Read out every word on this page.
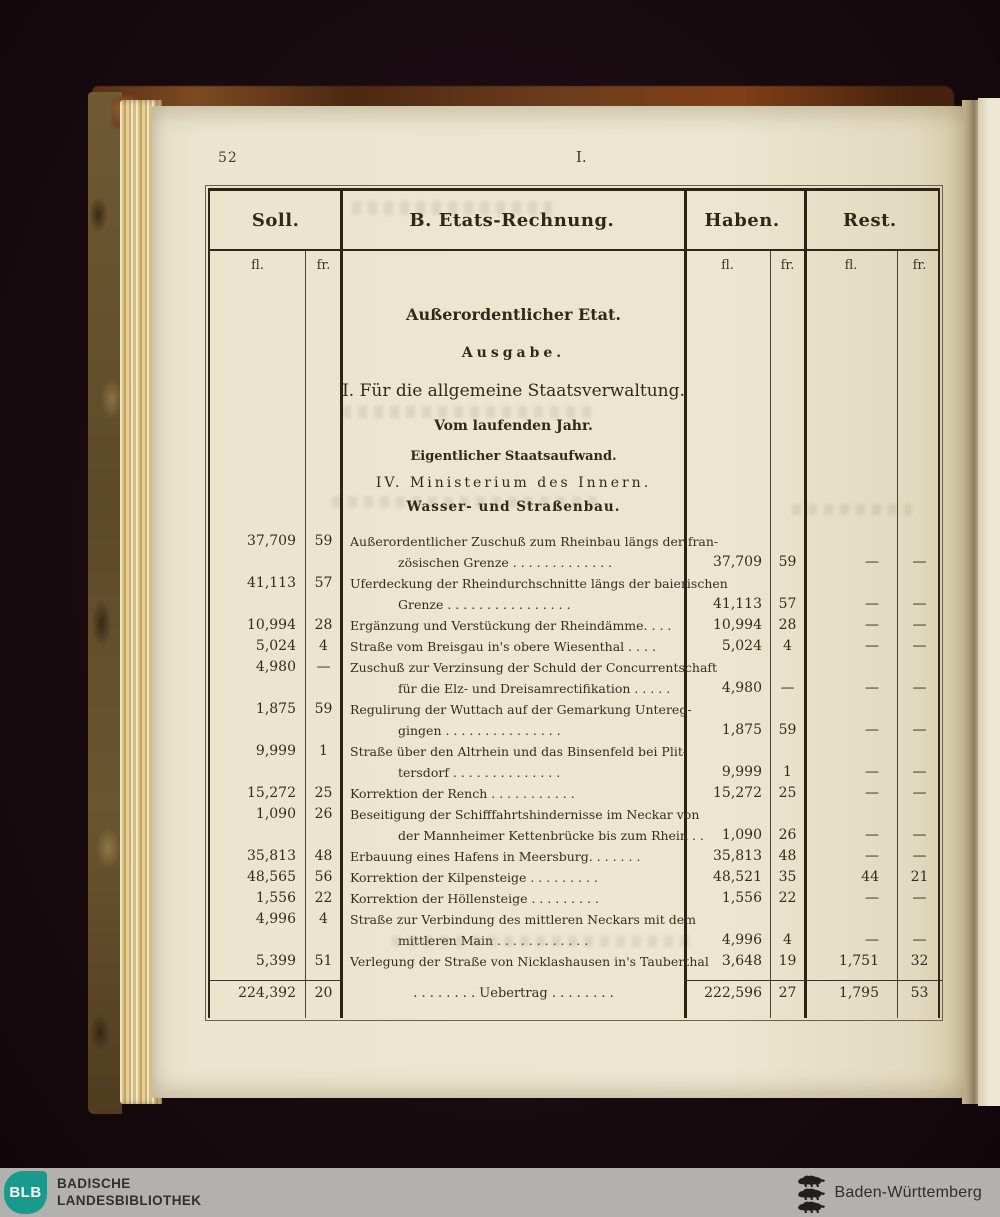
52	I.
Soll.	B. Etats-Rechnung.	Haben.	Rest.
fl.	fr.	fl.	fr.	fl.	fr.
Außerordentlicher Etat.
Ausgabe.
I. Für die allgemeine Staatsverwaltung.
Vom laufenden Jahr.
Eigentlicher Staatsaufwand.
IV. Ministerium des Innern.
Wasser- und Straßenbau.
37,709	59	Außerordentlicher Zuschuß zum Rheinbau längs der fran-
zösischen Grenze . . . . . . . . . . . . .	37,709	59	—	—
41,113	57	Uferdeckung der Rheindurchschnitte längs der baierischen
Grenze . . . . . . . . . . . . . . . .	41,113	57	—	—
10,994	28	Ergänzung und Verstückung der Rheindämme. . . .	10,994	28	—	—
5,024	4	Straße vom Breisgau in's obere Wiesenthal . . . .	5,024	4	—	—
4,980	—	Zuschuß zur Verzinsung der Schuld der Concurrentschaft
für die Elz- und Dreisamrectifikation . . . . .	4,980	—	—	—
1,875	59	Regulirung der Wuttach auf der Gemarkung Untereg-
gingen . . . . . . . . . . . . . . .	1,875	59	—	—
9,999	1	Straße über den Altrhein und das Binsenfeld bei Plit-
tersdorf . . . . . . . . . . . . . .	9,999	1	—	—
15,272	25	Korrektion der Rench . . . . . . . . . . .	15,272	25	—	—
1,090	26	Beseitigung der Schifffahrtshindernisse im Neckar von
der Mannheimer Kettenbrücke bis zum Rhein . .	1,090	26	—	—
35,813	48	Erbauung eines Hafens in Meersburg. . . . . . .	35,813	48	—	—
48,565	56	Korrektion der Kilpensteige . . . . . . . . .	48,521	35	44	21
1,556	22	Korrektion der Höllensteige . . . . . . . . .	1,556	22	—	—
4,996	4	Straße zur Verbindung des mittleren Neckars mit dem
mittleren Main . . . . . . . . . . . .	4,996	4	—	—
5,399	51	Verlegung der Straße von Nicklashausen in's Tauberthal 3,648	19	1,751	32
224,392	20	. . . . . . . . Uebertrag . . . . . . . .	222,596	27	1,795	53
BLB
BADISCHE
LANDESBIBLIOTHEK	Baden-Württemberg
